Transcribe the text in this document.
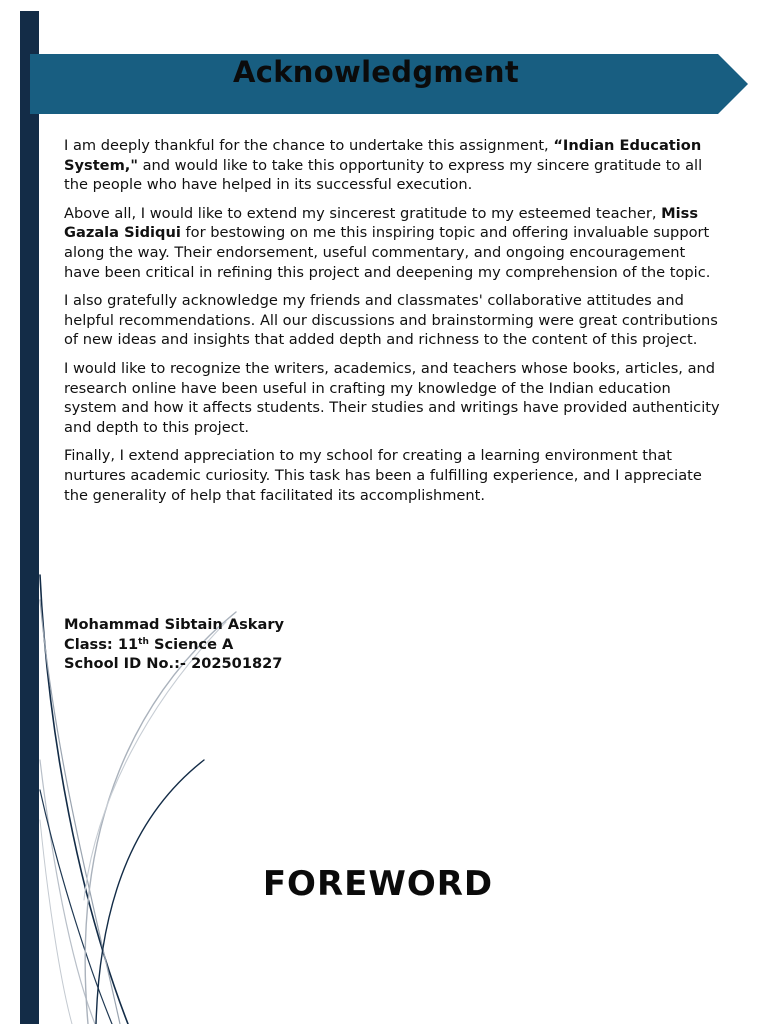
Acknowledgment

I am deeply thankful for the chance to undertake this assignment, “Indian Education System," and would like to take this opportunity to express my sincere gratitude to all the people who have helped in its successful execution.

Above all, I would like to extend my sincerest gratitude to my esteemed teacher, Miss Gazala Sidiqui for bestowing on me this inspiring topic and offering invaluable support along the way. Their endorsement, useful commentary, and ongoing encouragement have been critical in refining this project and deepening my comprehension of the topic.

I also gratefully acknowledge my friends and classmates' collaborative attitudes and helpful recommendations. All our discussions and brainstorming were great contributions of new ideas and insights that added depth and richness to the content of this project.

I would like to recognize the writers, academics, and teachers whose books, articles, and research online have been useful in crafting my knowledge of the Indian education system and how it affects students. Their studies and writings have provided authenticity and depth to this project.

Finally, I extend appreciation to my school for creating a learning environment that nurtures academic curiosity. This task has been a fulfilling experience, and I appreciate the generality of help that facilitated its accomplishment.

Mohammad Sibtain Askary
Class: 11th Science A
School ID No.:- 202501827
FOREWORD
